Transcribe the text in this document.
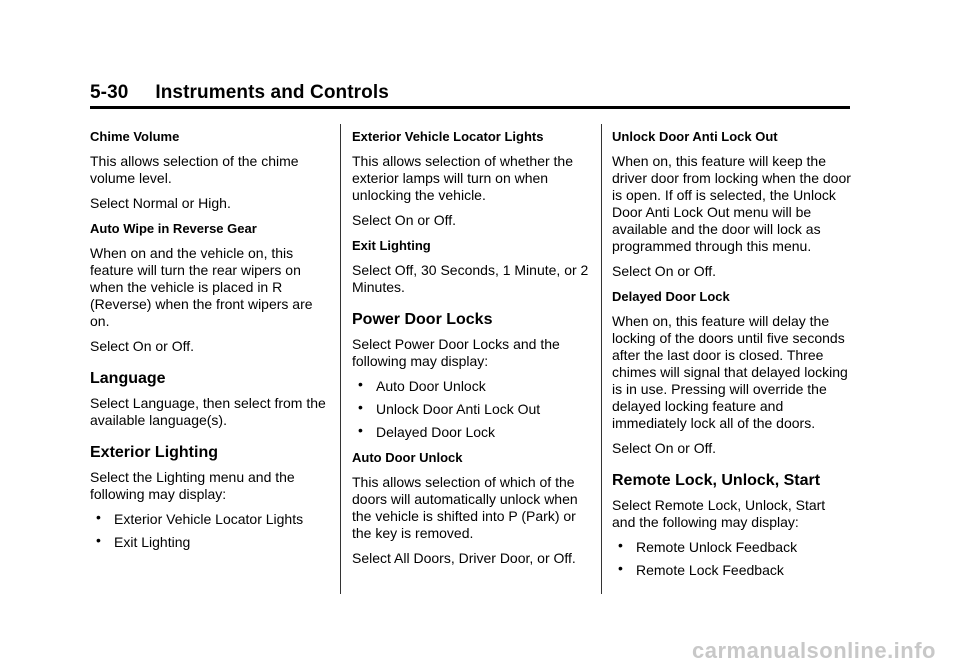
5-30     Instruments and Controls
Chime Volume
This allows selection of the chime volume level.
Select Normal or High.
Auto Wipe in Reverse Gear
When on and the vehicle on, this feature will turn the rear wipers on when the vehicle is placed in R (Reverse) when the front wipers are on.
Select On or Off.
Language
Select Language, then select from the available language(s).
Exterior Lighting
Select the Lighting menu and the following may display:
• Exterior Vehicle Locator Lights
• Exit Lighting
Exterior Vehicle Locator Lights
This allows selection of whether the exterior lamps will turn on when unlocking the vehicle.
Select On or Off.
Exit Lighting
Select Off, 30 Seconds, 1 Minute, or 2 Minutes.
Power Door Locks
Select Power Door Locks and the following may display:
• Auto Door Unlock
• Unlock Door Anti Lock Out
• Delayed Door Lock
Auto Door Unlock
This allows selection of which of the doors will automatically unlock when the vehicle is shifted into P (Park) or the key is removed.
Select All Doors, Driver Door, or Off.
Unlock Door Anti Lock Out
When on, this feature will keep the driver door from locking when the door is open. If off is selected, the Unlock Door Anti Lock Out menu will be available and the door will lock as programmed through this menu.
Select On or Off.
Delayed Door Lock
When on, this feature will delay the locking of the doors until five seconds after the last door is closed. Three chimes will signal that delayed locking is in use. Pressing will override the delayed locking feature and immediately lock all of the doors.
Select On or Off.
Remote Lock, Unlock, Start
Select Remote Lock, Unlock, Start and the following may display:
• Remote Unlock Feedback
• Remote Lock Feedback
carmanualsonline.info
